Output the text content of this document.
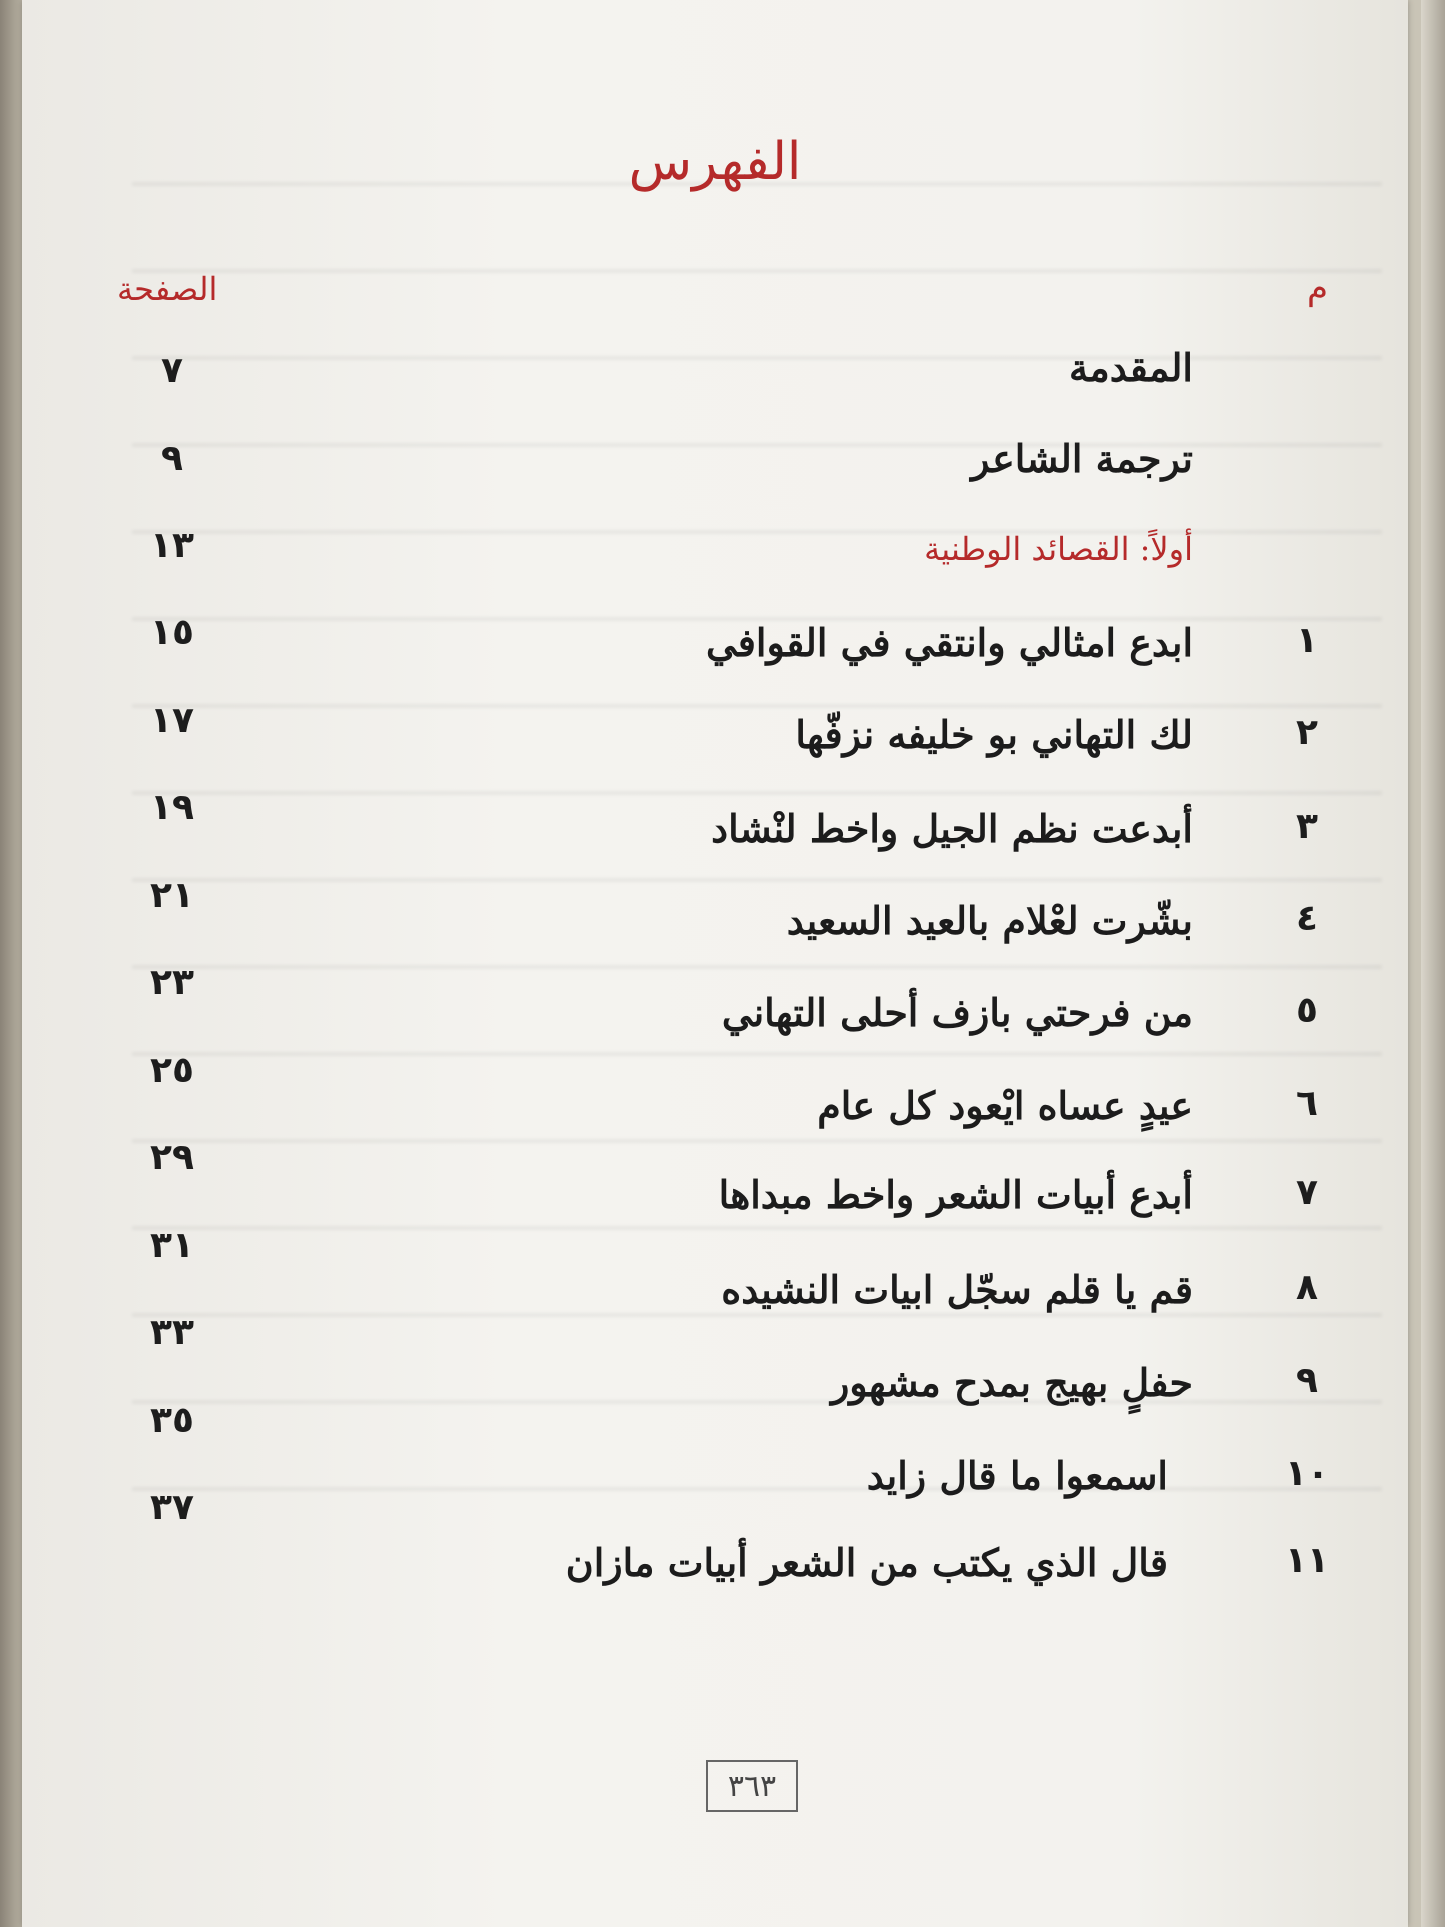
الفهرس
م
الصفحة
٧
٩
١٣
١٥
١٧
١٩
٢١
٢٣
٢٥
٢٩
٣١
٣٣
٣٥
٣٧
المقدمة
ترجمة الشاعر
أولاً: القصائد الوطنية
١
ابدع امثالي وانتقي في القوافي
٢
لك التهاني بو خليفه نزفّها
٣
أبدعت نظم الجيل واخط لنْشاد
٤
بشّرت لعْلام بالعيد السعيد
٥
من فرحتي بازف أحلى التهاني
٦
عيدٍ عساه ايْعود كل عام
٧
أبدع أبيات الشعر واخط مبداها
٨
قم يا قلم سجّل ابيات النشيده
٩
حفلٍ بهيج بمدح مشهور
١٠
اسمعوا ما قال زايد
١١
قال الذي يكتب من الشعر أبيات مازان
٣٦٣
